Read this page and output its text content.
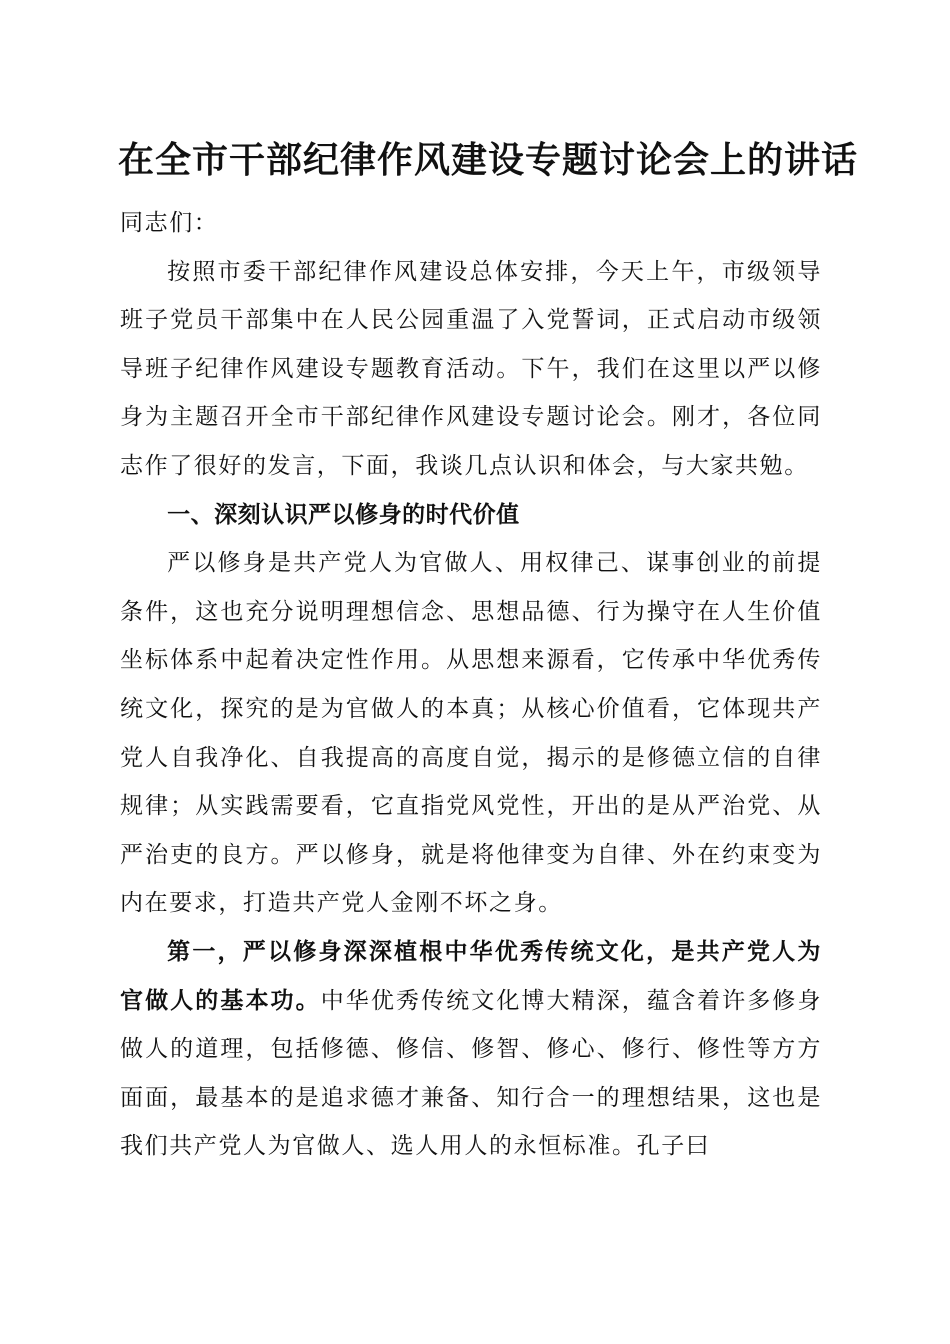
在全市干部纪律作风建设专题讨论会上的讲话

同志们：

按照市委干部纪律作风建设总体安排，今天上午，市级领导班子党员干部集中在人民公园重温了入党誓词，正式启动市级领导班子纪律作风建设专题教育活动。下午，我们在这里以严以修身为主题召开全市干部纪律作风建设专题讨论会。刚才，各位同志作了很好的发言，下面，我谈几点认识和体会，与大家共勉。

一、深刻认识严以修身的时代价值

严以修身是共产党人为官做人、用权律己、谋事创业的前提条件，这也充分说明理想信念、思想品德、行为操守在人生价值坐标体系中起着决定性作用。从思想来源看，它传承中华优秀传统文化，探究的是为官做人的本真；从核心价值看，它体现共产党人自我净化、自我提高的高度自觉，揭示的是修德立信的自律规律；从实践需要看，它直指党风党性，开出的是从严治党、从严治吏的良方。严以修身，就是将他律变为自律、外在约束变为内在要求，打造共产党人金刚不坏之身。

第一，严以修身深深植根中华优秀传统文化，是共产党人为官做人的基本功。中华优秀传统文化博大精深，蕴含着许多修身做人的道理，包括修德、修信、修智、修心、修行、修性等方方面面，最基本的是追求德才兼备、知行合一的理想结果，这也是我们共产党人为官做人、选人用人的永恒标准。孔子曰
